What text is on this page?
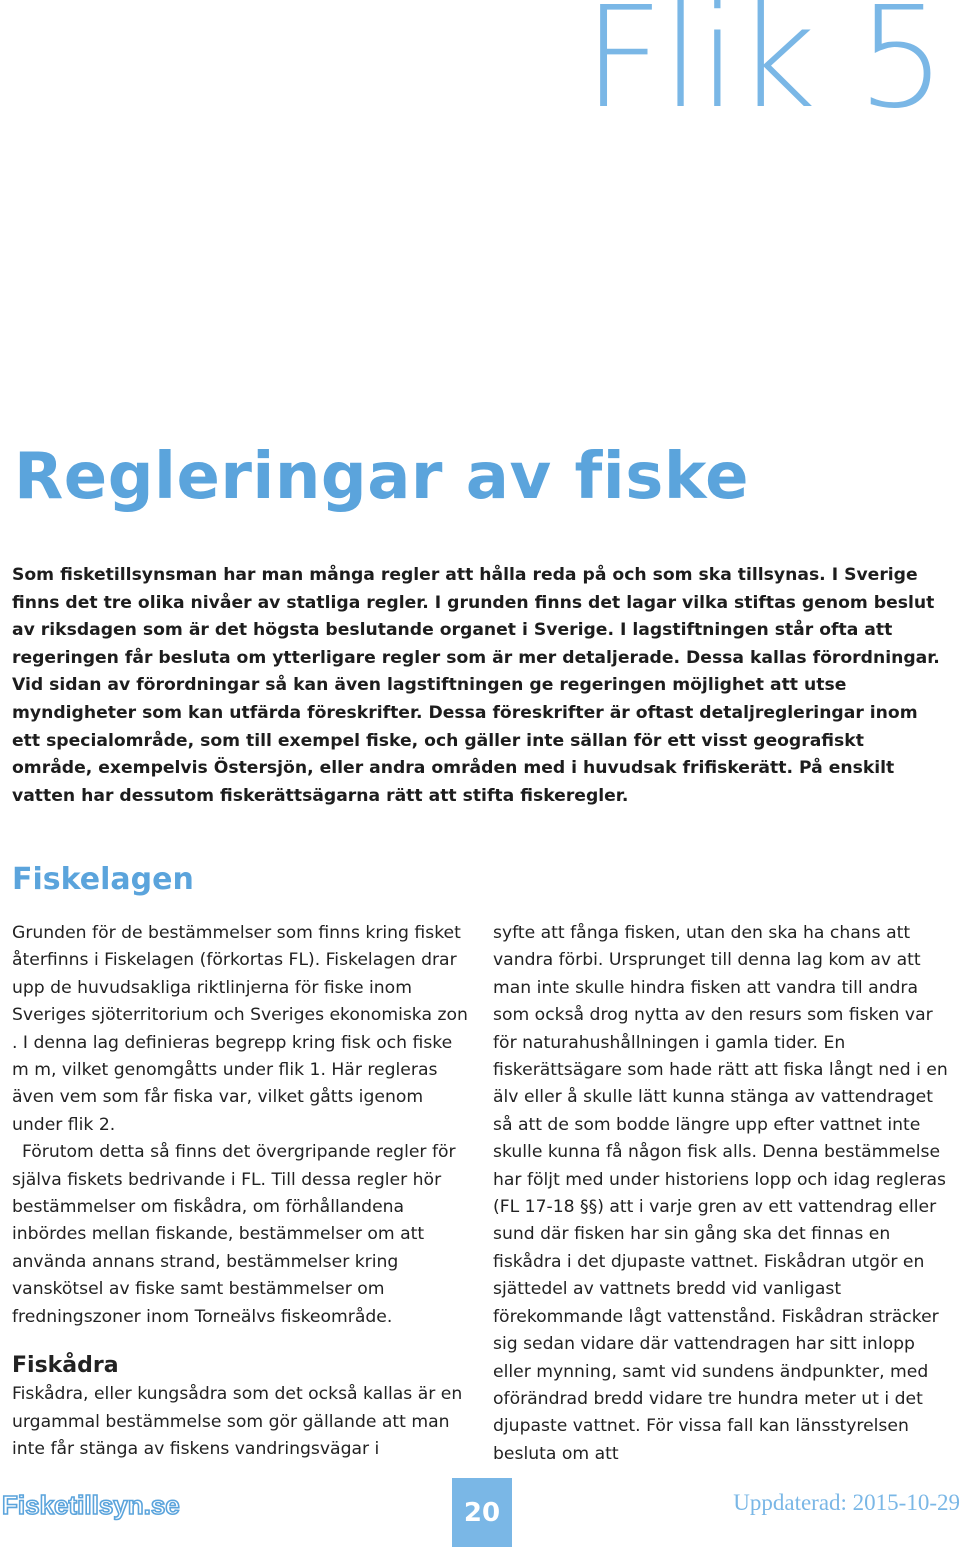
Flik 5
Regleringar av fiske

Som fisketillsynsman har man många regler att hålla reda på och som ska tillsynas. I Sverige finns det tre olika nivåer av statliga regler. I grunden finns det lagar vilka stiftas genom beslut av riksdagen som är det högsta beslutande organet i Sverige. I lagstiftningen står ofta att regeringen får besluta om ytterligare regler som är mer detaljerade. Dessa kallas förordningar. Vid sidan av förordningar så kan även lagstiftningen ge regeringen möjlighet att utse myndigheter som kan utfärda föreskrifter. Dessa föreskrifter är oftast detaljregleringar inom ett specialområde, som till exempel fiske, och gäller inte sällan för ett visst geografiskt område, exempelvis Östersjön, eller andra områden med i huvudsak frifiskerätt. På enskilt vatten har dessutom fiskerättsägarna rätt att stifta fiskeregler.

Fiskelagen

Grunden för de bestämmelser som finns kring fisket återfinns i Fiskelagen (förkortas FL). Fiskelagen drar upp de huvudsakliga riktlinjerna för fiske inom Sveriges sjöterritorium och Sveriges ekonomiska zon . I denna lag definieras begrepp kring fisk och fiske m m, vilket genomgåtts under flik 1. Här regleras även vem som får fiska var, vilket gåtts igenom under flik 2.

Förutom detta så finns det övergripande regler för själva fiskets bedrivande i FL. Till dessa regler hör bestämmelser om fiskådra, om förhållandena inbördes mellan fiskande, bestämmelser om att använda annans strand, bestämmelser kring vanskötsel av fiske samt bestämmelser om fredningszoner inom Torneälvs fiskeområde.

Fiskådra

Fiskådra, eller kungsådra som det också kallas är en urgammal bestämmelse som gör gällande att man inte får stänga av fiskens vandringsvägar i

syfte att fånga fisken, utan den ska ha chans att vandra förbi. Ursprunget till denna lag kom av att man inte skulle hindra fisken att vandra till andra som också drog nytta av den resurs som fisken var för naturahushållningen i gamla tider. En fiskerättsägare som hade rätt att fiska långt ned i en älv eller å skulle lätt kunna stänga av vattendraget så att de som bodde längre upp efter vattnet inte skulle kunna få någon fisk alls. Denna bestämmelse har följt med under historiens lopp och idag regleras (FL 17-18 §§) att i varje gren av ett vattendrag eller sund där fisken har sin gång ska det finnas en fiskådra i det djupaste vattnet. Fiskådran utgör en sjättedel av vattnets bredd vid vanligast förekommande lågt vattenstånd. Fiskådran sträcker sig sedan vidare där vattendragen har sitt inlopp eller mynning, samt vid sundens ändpunkter, med oförändrad bredd vidare tre hundra meter ut i det djupaste vattnet. För vissa fall kan länsstyrelsen besluta om att

Fisketillsyn.se	20	Uppdaterad: 2015-10-29
